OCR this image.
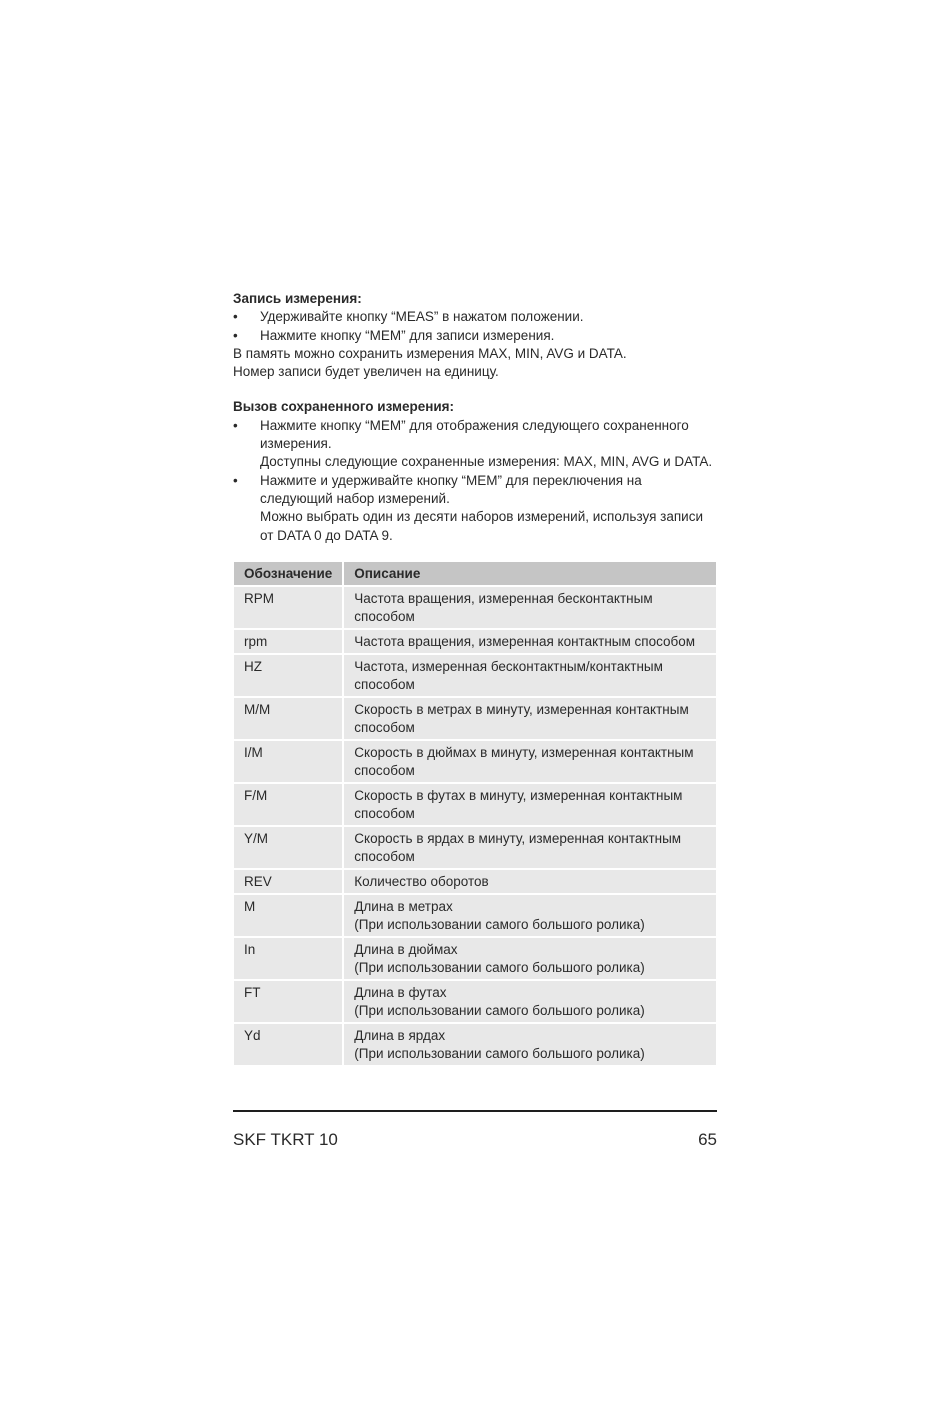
Запись измерения:
• Удерживайте кнопку “MEAS” в нажатом положении.
• Нажмите кнопку “MEM” для записи измерения.
В память можно сохранить измерения MAX, MIN, AVG и DATA.
Номер записи будет увеличен на единицу.
Вызов сохраненного измерения:
• Нажмите кнопку “MEM” для отображения следующего сохраненного
измерения.
Доступны следующие сохраненные измерения: MAX, MIN, AVG и DATA.
• Нажмите и удерживайте кнопку “MEM” для переключения на
следующий набор измерений.
Можно выбрать один из десяти наборов измерений, используя записи
от DATA 0 до DATA 9.
Обозначение	Описание
RPM	Частота вращения, измеренная бесконтактным способом

rpm	Частота вращения, измеренная контактным способом

HZ	Частота, измеренная бесконтактным/контактным
способом

M/M	Скорость в метрах в минуту, измеренная контактным
способом

I/M	Скорость в дюймах в минуту, измеренная контактным
способом

F/M	Скорость в футах в минуту, измеренная контактным
способом

Y/M	Скорость в ярдах в минуту, измеренная контактным
способом

REV	Количество оборотов

M	Длина в метрах
(При использовании самого большого ролика)

In	Длина в дюймах
(При использовании самого большого ролика)

FT	Длина в футах
(При использовании самого большого ролика)

Yd	Длина в ярдах
(При использовании самого большого ролика)
SKF TKRT 10	65
